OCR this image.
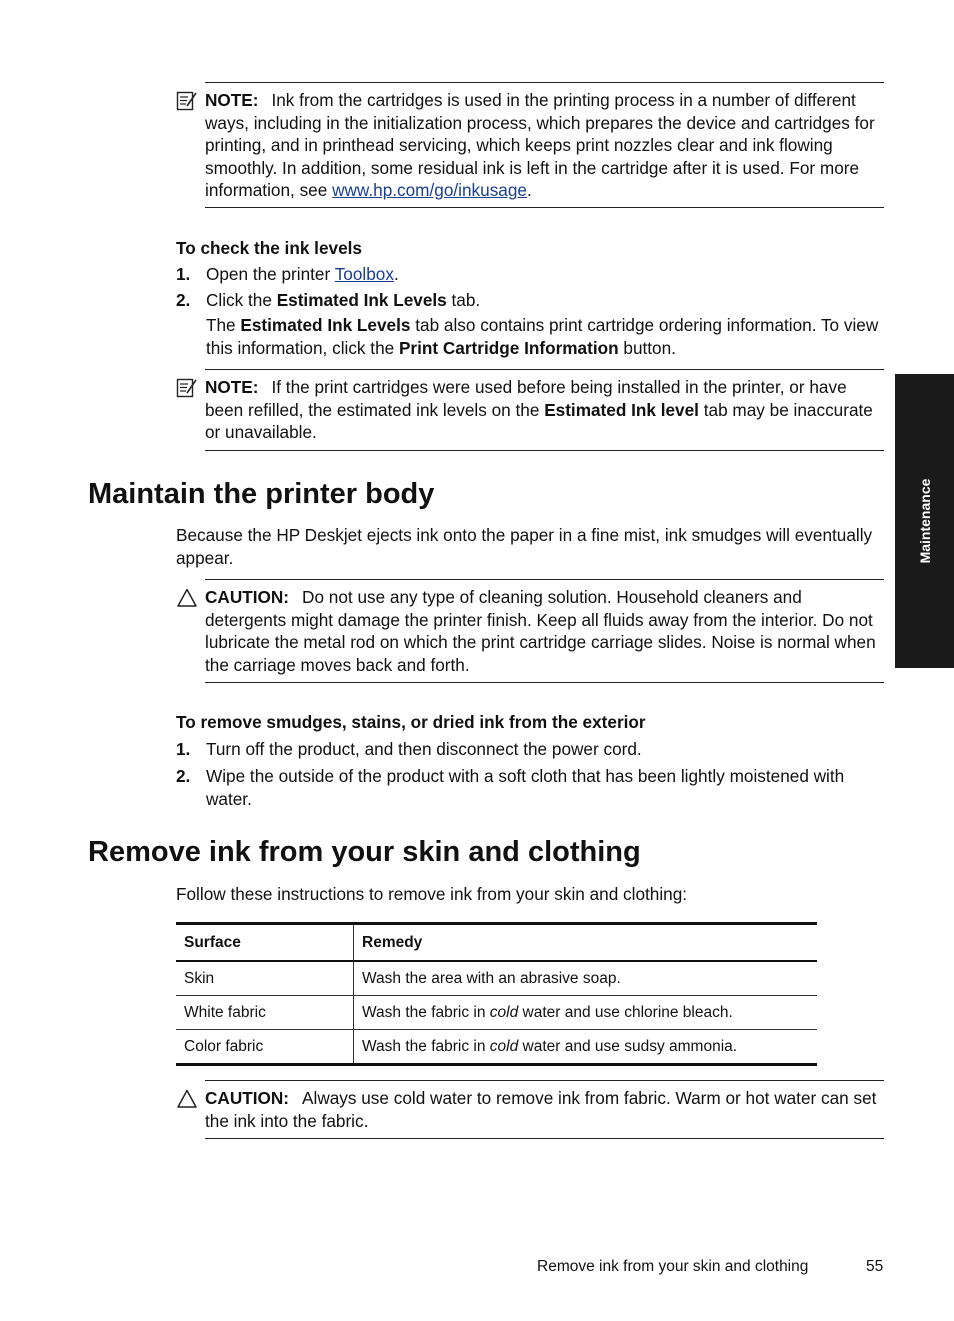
Maintenance
NOTE: Ink from the cartridges is used in the printing process in a number of different ways, including in the initialization process, which prepares the device and cartridges for printing, and in printhead servicing, which keeps print nozzles clear and ink flowing smoothly. In addition, some residual ink is left in the cartridge after it is used. For more information, see www.hp.com/go/inkusage.
To check the ink levels
1. Open the printer Toolbox.
2. Click the Estimated Ink Levels tab.
The Estimated Ink Levels tab also contains print cartridge ordering information. To view this information, click the Print Cartridge Information button.
NOTE: If the print cartridges were used before being installed in the printer, or have been refilled, the estimated ink levels on the Estimated Ink level tab may be inaccurate or unavailable.
Maintain the printer body
Because the HP Deskjet ejects ink onto the paper in a fine mist, ink smudges will eventually appear.
CAUTION: Do not use any type of cleaning solution. Household cleaners and detergents might damage the printer finish. Keep all fluids away from the interior. Do not lubricate the metal rod on which the print cartridge carriage slides. Noise is normal when the carriage moves back and forth.
To remove smudges, stains, or dried ink from the exterior
1. Turn off the product, and then disconnect the power cord.
2. Wipe the outside of the product with a soft cloth that has been lightly moistened with water.
Remove ink from your skin and clothing
Follow these instructions to remove ink from your skin and clothing:
Surface	Remedy
Skin	Wash the area with an abrasive soap.
White fabric	Wash the fabric in cold water and use chlorine bleach.
Color fabric	Wash the fabric in cold water and use sudsy ammonia.
CAUTION: Always use cold water to remove ink from fabric. Warm or hot water can set the ink into the fabric.
Remove ink from your skin and clothing	55
